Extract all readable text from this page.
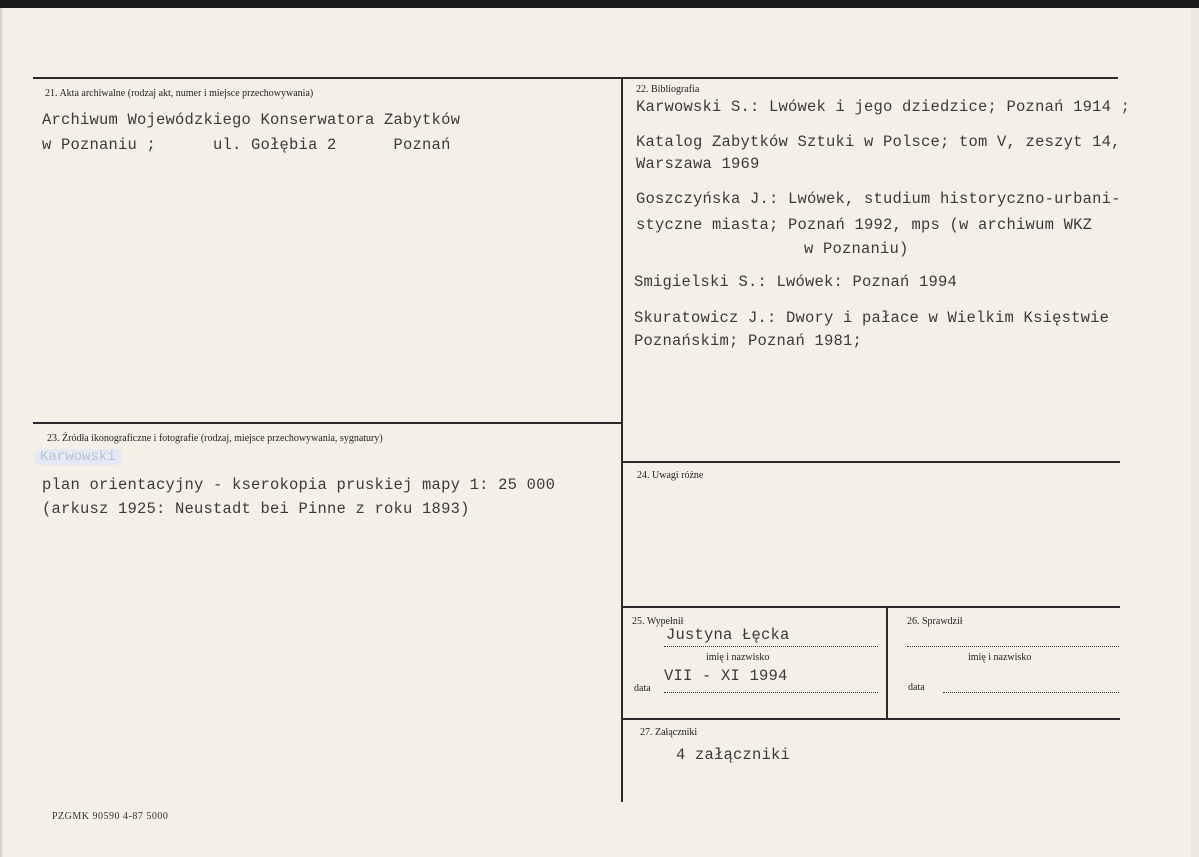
21. Akta archiwalne (rodzaj akt, numer i miejsce przechowywania)
Archiwum Wojewódzkiego Konserwatora Zabytków
w Poznaniu ;      ul. Gołębia 2      Poznań
22. Bibliografia
Karwowski S.: Lwówek i jego dziedzice; Poznań 1914 ;
Katalog Zabytków Sztuki w Polsce; tom V, zeszyt 14,
Warszawa 1969
Goszczyńska J.: Lwówek, studium historyczno-urbani-
styczne miasta; Poznań 1992, mps (w archiwum WKZ
w Poznaniu)
Smigielski S.: Lwówek: Poznań 1994
Skuratowicz J.: Dwory i pałace w Wielkim Księstwie
Poznańskim; Poznań 1981;
23. Źródła ikonograficzne i fotografie (rodzaj, miejsce przechowywania, sygnatury)
Karwowski
plan orientacyjny - kserokopia pruskiej mapy 1: 25 000
(arkusz 1925: Neustadt bei Pinne z roku 1893)
24. Uwagi różne
25. Wypełnił
Justyna Łęcka
imię i nazwisko
data
VII - XI 1994
26. Sprawdził
imię i nazwisko
data
27. Załączniki
4 załączniki
PZGMK 90590 4-87 5000
